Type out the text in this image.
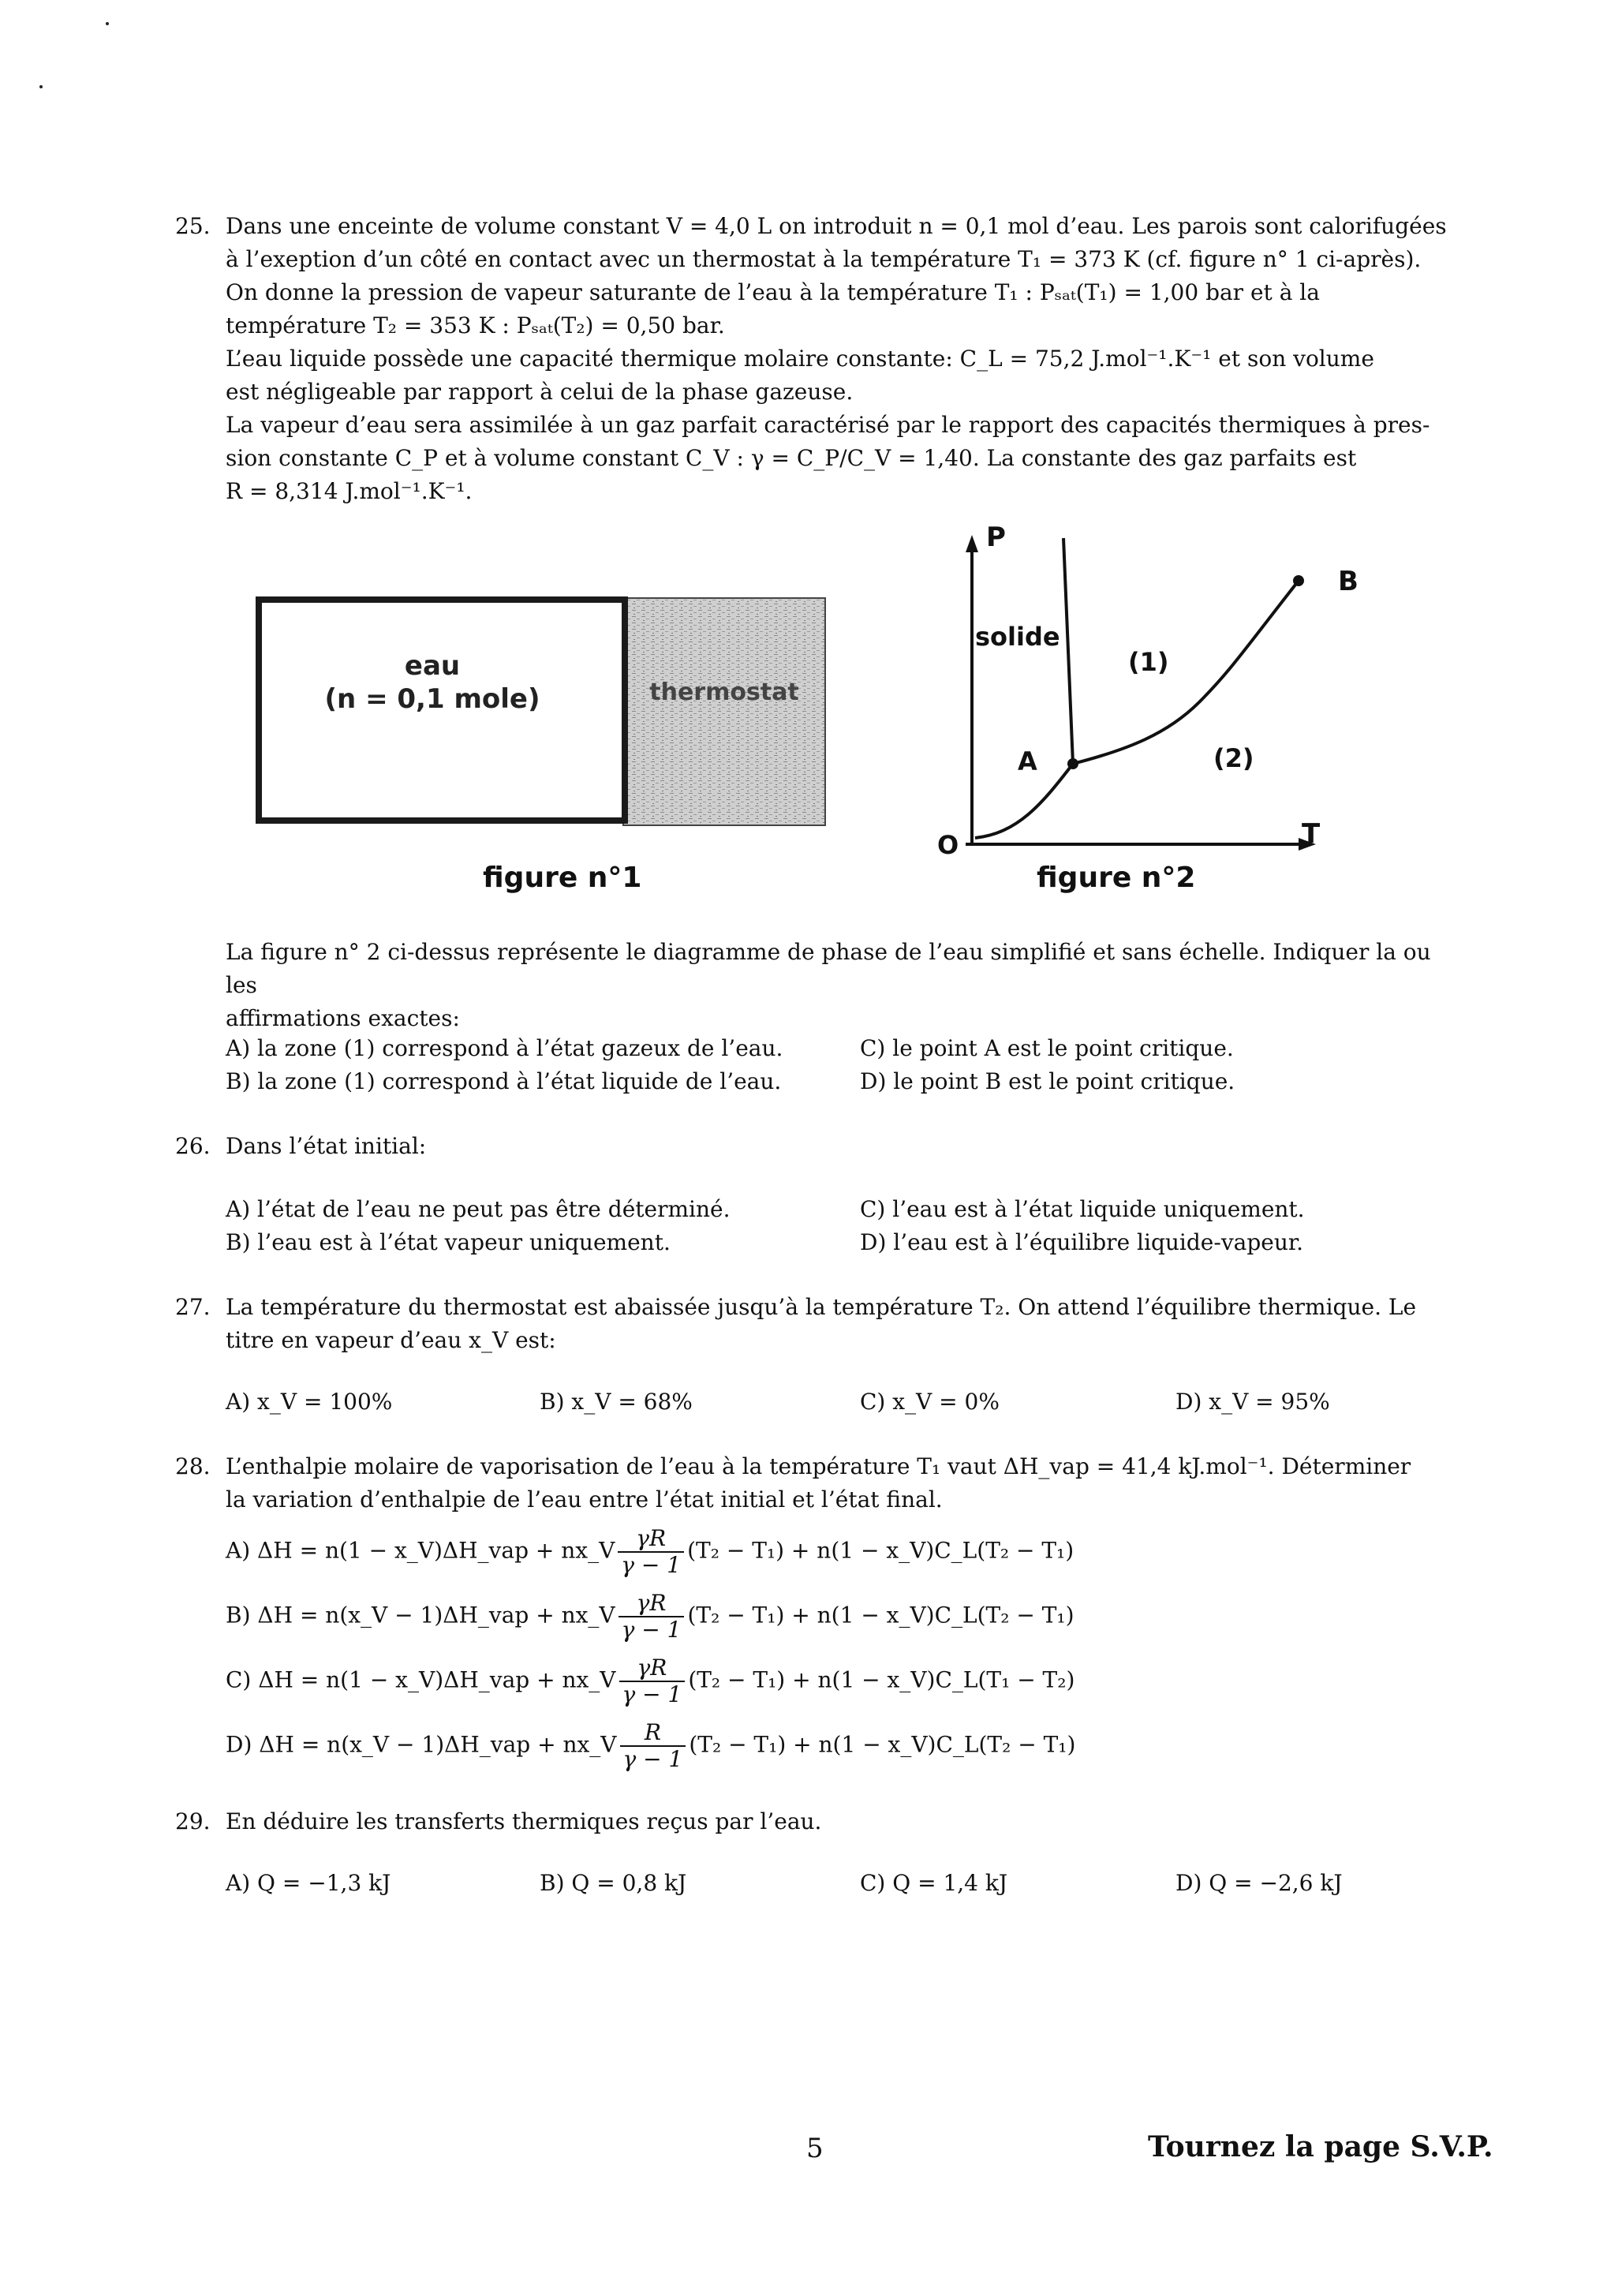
25. Dans une enceinte de volume constant V = 4,0 L on introduit n = 0,1 mol d’eau. Les parois sont calorifugées

à l’exeption d’un côté en contact avec un thermostat à la température T₁ = 373 K (cf. figure n° 1 ci-après).

On donne la pression de vapeur saturante de l’eau à la température T₁ : Pₛₐₜ(T₁) = 1,00 bar et à la

température T₂ = 353 K : Pₛₐₜ(T₂) = 0,50 bar.

L’eau liquide possède une capacité thermique molaire constante: C_L = 75,2 J.mol⁻¹.K⁻¹ et son volume

est négligeable par rapport à celui de la phase gazeuse.

La vapeur d’eau sera assimilée à un gaz parfait caractérisé par le rapport des capacités thermiques à pres-

sion constante C_P et à volume constant C_V : γ = C_P/C_V = 1,40. La constante des gaz parfaits est

R = 8,314 J.mol⁻¹.K⁻¹.

eau
(n = 0,1 mole)	thermostat
figure n°1
P
T
O
solide
(1)
(2)
A
B
figure n°2
La figure n° 2 ci-dessus représente le diagramme de phase de l’eau simplifié et sans échelle. Indiquer la ou les
affirmations exactes:
A) la zone (1) correspond à l’état gazeux de l’eau.
B) la zone (1) correspond à l’état liquide de l’eau.
C) le point A est le point critique.
D) le point B est le point critique.
26. Dans l’état initial:
A) l’état de l’eau ne peut pas être déterminé.
B) l’eau est à l’état vapeur uniquement.
C) l’eau est à l’état liquide uniquement.
D) l’eau est à l’équilibre liquide-vapeur.
27. La température du thermostat est abaissée jusqu’à la température T₂. On attend l’équilibre thermique. Le

titre en vapeur d’eau x_V est:

A) x_V = 100%	B) x_V = 68%	C) x_V = 0%	D) x_V = 95%
28. L’enthalpie molaire de vaporisation de l’eau à la température T₁ vaut ΔH_vap = 41,4 kJ.mol⁻¹. Déterminer

la variation d’enthalpie de l’eau entre l’état initial et l’état final.

A) ΔH = n(1 − x_V)ΔH_vap + nx_V $\frac{\gamma R}{\gamma - 1} (T_2 - T_1) + n(1$ − x_V)C_L(T₂ − T₁)
B) ΔH = n(x_V − 1)ΔH_vap + nx_V $\frac{\gamma R}{\gamma - 1} (T_2 - T_1) + n(1$ − x_V)C_L(T₂ − T₁)
C) ΔH = n(1 − x_V)ΔH_vap + nx_V $\frac{\gamma R}{\gamma - 1} (T_2 - T_1) + n(1$ − x_V)C_L(T₁ − T₂)
D) ΔH = n(x_V − 1)ΔH_vap + nx_V $\frac{R}{\gamma - 1} (T_2 - T_1) + n(1$ − x_V)C_L(T₂ − T₁)
29. En déduire les transferts thermiques reçus par l’eau.
A) Q = −1,3 kJ	B) Q = 0,8 kJ	C) Q = 1,4 kJ	D) Q = −2,6 kJ
5	Tournez la page S.V.P.
